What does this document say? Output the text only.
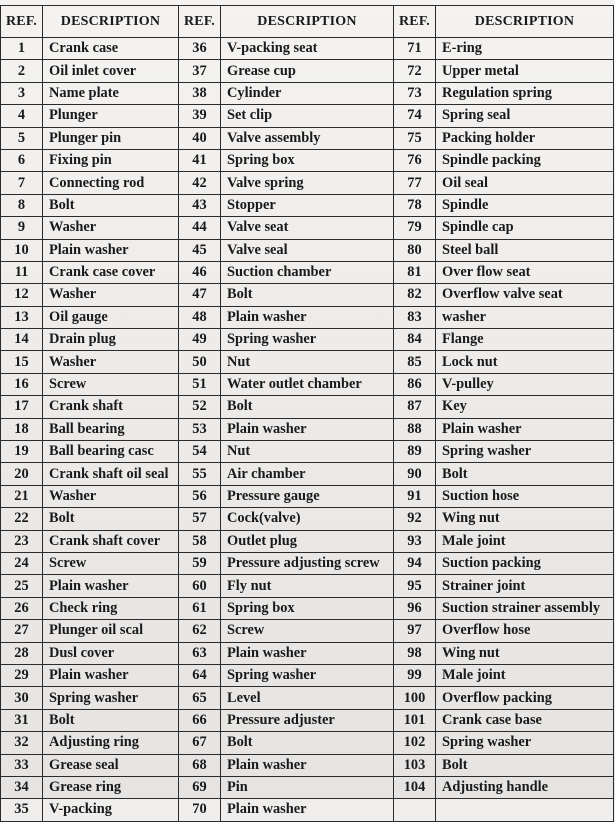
REF.	DESCRIPTION	REF.	DESCRIPTION	REF.	DESCRIPTION
1	Crank case	36	V-packing seat	71	E-ring
2	Oil inlet cover	37	Grease cup	72	Upper metal
3	Name plate	38	Cylinder	73	Regulation spring
4	Plunger	39	Set clip	74	Spring seal
5	Plunger pin	40	Valve assembly	75	Packing holder
6	Fixing pin	41	Spring box	76	Spindle packing
7	Connecting rod	42	Valve spring	77	Oil seal
8	Bolt	43	Stopper	78	Spindle
9	Washer	44	Valve seat	79	Spindle cap
10	Plain washer	45	Valve seal	80	Steel ball
11	Crank case cover	46	Suction chamber	81	Over flow seat
12	Washer	47	Bolt	82	Overflow valve seat
13	Oil gauge	48	Plain washer	83	washer
14	Drain plug	49	Spring washer	84	Flange
15	Washer	50	Nut	85	Lock nut
16	Screw	51	Water outlet chamber	86	V-pulley
17	Crank shaft	52	Bolt	87	Key
18	Ball bearing	53	Plain washer	88	Plain washer
19	Ball bearing casc	54	Nut	89	Spring washer
20	Crank shaft oil seal	55	Air chamber	90	Bolt
21	Washer	56	Pressure gauge	91	Suction hose
22	Bolt	57	Cock(valve)	92	Wing nut
23	Crank shaft cover	58	Outlet plug	93	Male joint
24	Screw	59	Pressure adjusting screw	94	Suction packing
25	Plain washer	60	Fly nut	95	Strainer joint
26	Check ring	61	Spring box	96	Suction strainer assembly
27	Plunger oil scal	62	Screw	97	Overflow hose
28	Dusl cover	63	Plain washer	98	Wing nut
29	Plain washer	64	Spring washer	99	Male joint
30	Spring washer	65	Level	100	Overflow packing
31	Bolt	66	Pressure adjuster	101	Crank case base
32	Adjusting ring	67	Bolt	102	Spring washer
33	Grease seal	68	Plain washer	103	Bolt
34	Grease ring	69	Pin	104	Adjusting handle
35	V-packing	70	Plain washer		
